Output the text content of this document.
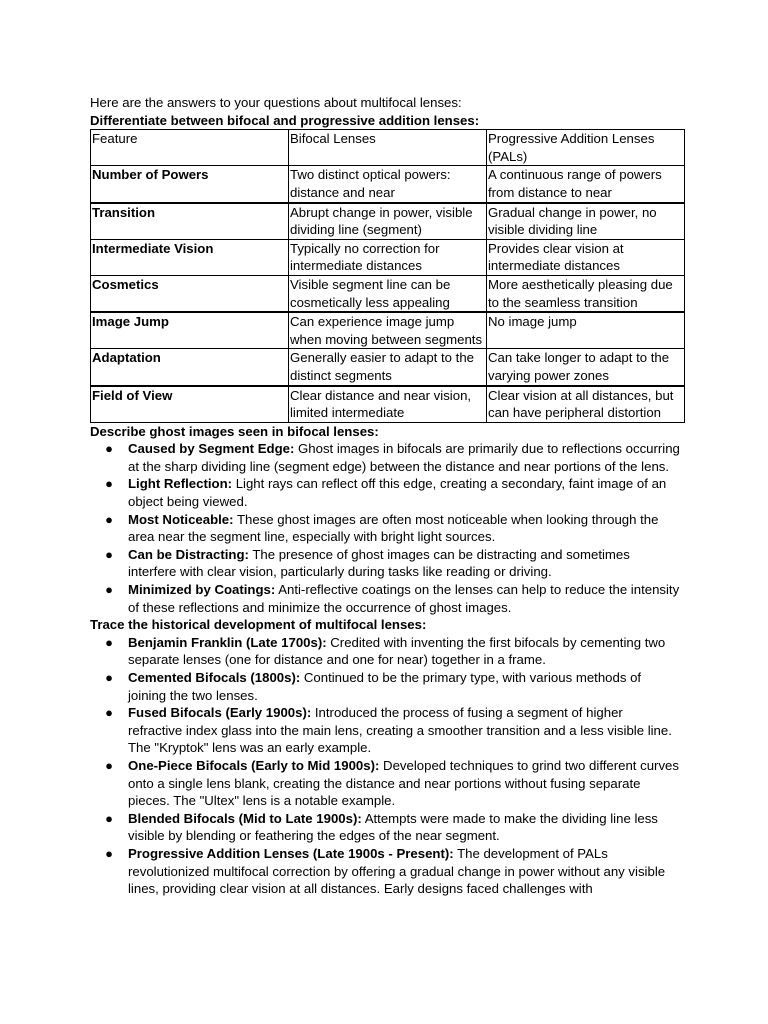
Here are the answers to your questions about multifocal lenses:

Differentiate between bifocal and progressive addition lenses:

Feature	Bifocal Lenses	Progressive Addition Lenses (PALs)
Number of Powers	Two distinct optical powers: distance and near	A continuous range of powers from distance to near
Transition	Abrupt change in power, visible dividing line (segment)	Gradual change in power, no visible dividing line
Intermediate Vision	Typically no correction for intermediate distances	Provides clear vision at intermediate distances
Cosmetics	Visible segment line can be cosmetically less appealing	More aesthetically pleasing due to the seamless transition
Image Jump	Can experience image jump when moving between segments	No image jump
Adaptation	Generally easier to adapt to the distinct segments	Can take longer to adapt to the varying power zones
Field of View	Clear distance and near vision, limited intermediate	Clear vision at all distances, but can have peripheral distortion

Describe ghost images seen in bifocal lenses:

● Caused by Segment Edge: Ghost images in bifocals are primarily due to reflections occurring at the sharp dividing line (segment edge) between the distance and near portions of the lens.
● Light Reflection: Light rays can reflect off this edge, creating a secondary, faint image of an object being viewed.
● Most Noticeable: These ghost images are often most noticeable when looking through the area near the segment line, especially with bright light sources.
● Can be Distracting: The presence of ghost images can be distracting and sometimes interfere with clear vision, particularly during tasks like reading or driving.
● Minimized by Coatings: Anti-reflective coatings on the lenses can help to reduce the intensity of these reflections and minimize the occurrence of ghost images.

Trace the historical development of multifocal lenses:

● Benjamin Franklin (Late 1700s): Credited with inventing the first bifocals by cementing two separate lenses (one for distance and one for near) together in a frame.
● Cemented Bifocals (1800s): Continued to be the primary type, with various methods of joining the two lenses.
● Fused Bifocals (Early 1900s): Introduced the process of fusing a segment of higher refractive index glass into the main lens, creating a smoother transition and a less visible line. The "Kryptok" lens was an early example.
● One-Piece Bifocals (Early to Mid 1900s): Developed techniques to grind two different curves onto a single lens blank, creating the distance and near portions without fusing separate pieces. The "Ultex" lens is a notable example.
● Blended Bifocals (Mid to Late 1900s): Attempts were made to make the dividing line less visible by blending or feathering the edges of the near segment.
● Progressive Addition Lenses (Late 1900s - Present): The development of PALs revolutionized multifocal correction by offering a gradual change in power without any visible lines, providing clear vision at all distances. Early designs faced challenges with
